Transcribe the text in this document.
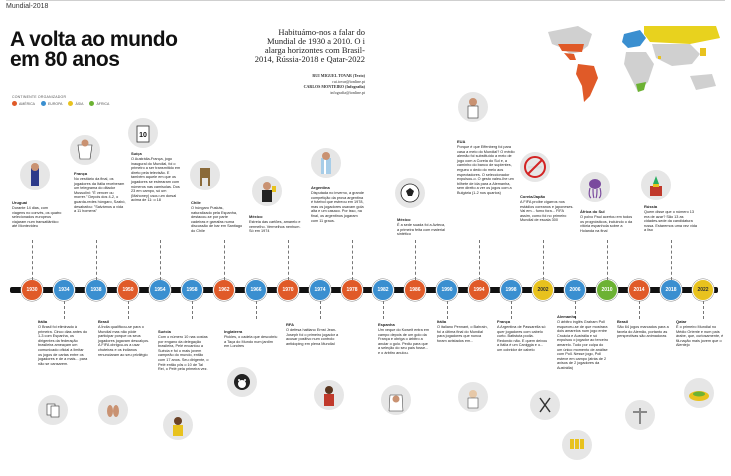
Mundial-2018
A volta ao mundo
em 80 anos
Habituámo-nos a falar do Mundial de 1930 a 2010. O i alarga horizontes com Brasil-2014, Rússia-2018 e Qatar-2022
RUI MIGUEL TOVAR (Texto)
rui.tovar@ionline.pt
CARLOS MONTEIRO (Infografia)
infografia@ionline.pt
CONTINENTE ORGANIZADOR
AMÉRICA	EUROPA	ÁSIA	ÁFRICA
1930	1934	1938	1950	1954	1958	1962	1966	1970	1974	1978	1982	1986	1990	1994	1998	2002	2006	2010	2014	2018	2022
Uruguai
Durante 14 dias, com viagens no convés, os quatro selecionados europeus viajaram num transatlântico até Montevideu
França
No vestiário da final, os jogadores da Itália receberam um telegrama do ditador Mussolini: "É vencer ou morrer." Depois dos 4-2, o guarda-redes húngaro, Szabó, desabafou: "Salvámos a vida a 11 homens"
Suíça
O Austrália-França, jogo inaugural do Mundial, foi o primeiro a ser transmitido em direto pela televisão. E também aquele em que os jogadores se estrearam com números nas camisolas. Dos 23 em campo, só um (Mahoney) usou um dorsal acima de 11: o 18	Chile
O húngaro Puskás, naturalizado pela Espanha, destacou-se por parte cadeiras e garrafas numa discussão de bar em Santiago do Chile
México
Estreia das cartões, amarelo e vermelho. Vermelhos nenhum. Só em 1974
Argentina
Disputada no inverno, a grande competição da prova argentina é futebol que estreou em 1978, mas os jogadores usavam gola alta e um casaco. Por isso, na final, os argentinos jogaram com 11 graus.	México
É a sede suada foi a Azteca, a primeira feita com material sintético
EUA
Porque é que Effenberg foi para casa a meio do Mundial? O médio alemão foi substituído a meio de jogo com a Coreia do Sul e, a caminho do banco de suplentes, ergueu o dedo do meio aos espectadores. O seleccionador expulsou-o. O gesto valeu-lhe um bilhete de ida para a Alemanha, sem direito a ver os jogos com a Bulgária (1-2 nos quartos)
Coreia/Japão
A FIFA proíbe cigarros nos estádios coreanos e japoneses. Vai em... fumo fora... FIFA assim, como foi no primeiro Mundial de escala 300
África do Sul
O polvo Paul acertou em todos os prognósticos, incluindo o da vitória espanhola sobre a Holanda na final
Rússia
Quem disse que o número 13 era de azar? São 13 as cidades-sede da candidatura russa. Estaremos uma vez vida a liso
Itália
O Brasil foi eliminado à primeira. Cinco dias antes do 1-3 com Espanha, os dirigentes da federação brasileira ameaçam um comunicado oficial a limitar os jogos de cartas entre os jogadores e de a mais... para não se cansarem.
Brasil
A Índia qualificou-se para o Mundial mas não pôde participar porque os seus jogadores jogavam descalços. A FIFA obrigou-os a usar chuteiras e os indianos renunciaram ao seu privilégio
Suécia
Com o número 10 nas costas por engano da delegação brasileira, Pelé encantou a Suécia e foi o mais jovem campeão do mundo, então com 17 anos. Seu dirigente, o Pelé então pôs o 10 de Tal Rei, o Pelé pela primeira vez.
Inglaterra
Pickles, o cadela que descobriu a Taça do Mundo num jardim em Londres
RFA
O defesa haitiano Ernst Jean-Joseph foi o primeiro jogador a acusar positivo num controlo antidoping em plena Mundial
Espanha
Um xeque do Koweit entra em campo depois de um golo da França e obriga o árbitro a anular o golo. Pediu para que a seleção do seu país fosse... e o árbitro anulou.
Itália
O italiano Pennant, o Bahrain, foi a última final do Mundial para jogadores que nunca foram avistados em...
França
A Argentina de Passarella só quer jogadores com cabelo curto. Batistuta podia. Redondo não. E quem deixou a Itália é um Caniggia e o... um cobridor de cabelo
Alemanha
O árbitro inglês Graham Poll esqueceu-se de que mostrara dois amarelos num jogo entre Croácia e Austrália e só expulsou o jogador ao terceiro amarelo. Tudo por culpa do um único momento de análise com Poll. Nesse jogo, Poll esteve em campo (atrás de 2 avisos de 2 jogadores da Austrália)
Brasil
São 64 jogos marcados para a favela do Alemão, portanto as perspectivas são animadoras
Qatar
É o primeiro Mundial no Médio Oriente e num país árabe, que, curiosamente, é fã-nação mais jovem que o Alentejo
10
